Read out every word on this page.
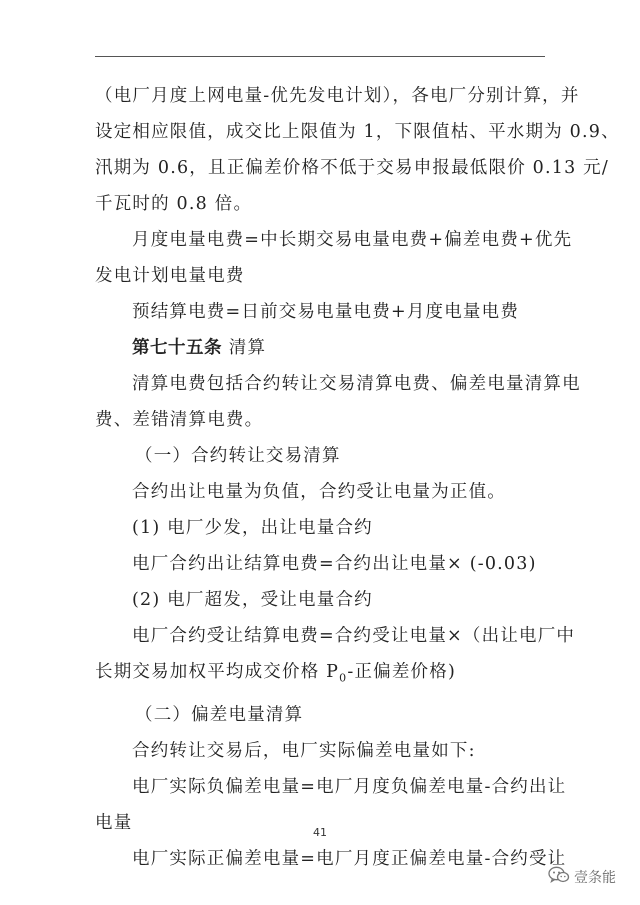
（电厂月度上网电量-优先发电计划），各电厂分别计算，并
设定相应限值，成交比上限值为 1，下限值枯、平水期为 0.9、
汛期为 0.6，且正偏差价格不低于交易申报最低限价 0.13 元/
千瓦时的 0.8 倍。
月度电量电费=中长期交易电量电费+偏差电费+优先
发电计划电量电费
预结算电费=日前交易电量电费+月度电量电费
第七十五条 清算
清算电费包括合约转让交易清算电费、偏差电量清算电
费、差错清算电费。
（一）合约转让交易清算
合约出让电量为负值，合约受让电量为正值。
(1) 电厂少发，出让电量合约
电厂合约出让结算电费=合约出让电量× (-0.03)
(2) 电厂超发，受让电量合约
电厂合约受让结算电费=合约受让电量×（出让电厂中
长期交易加权平均成交价格 $P_0-$正偏差价格)
（二）偏差电量清算
合约转让交易后，电厂实际偏差电量如下:
电厂实际负偏差电量=电厂月度负偏差电量-合约出让
电量
电厂实际正偏差电量=电厂月度正偏差电量-合约受让
41
壹条能
